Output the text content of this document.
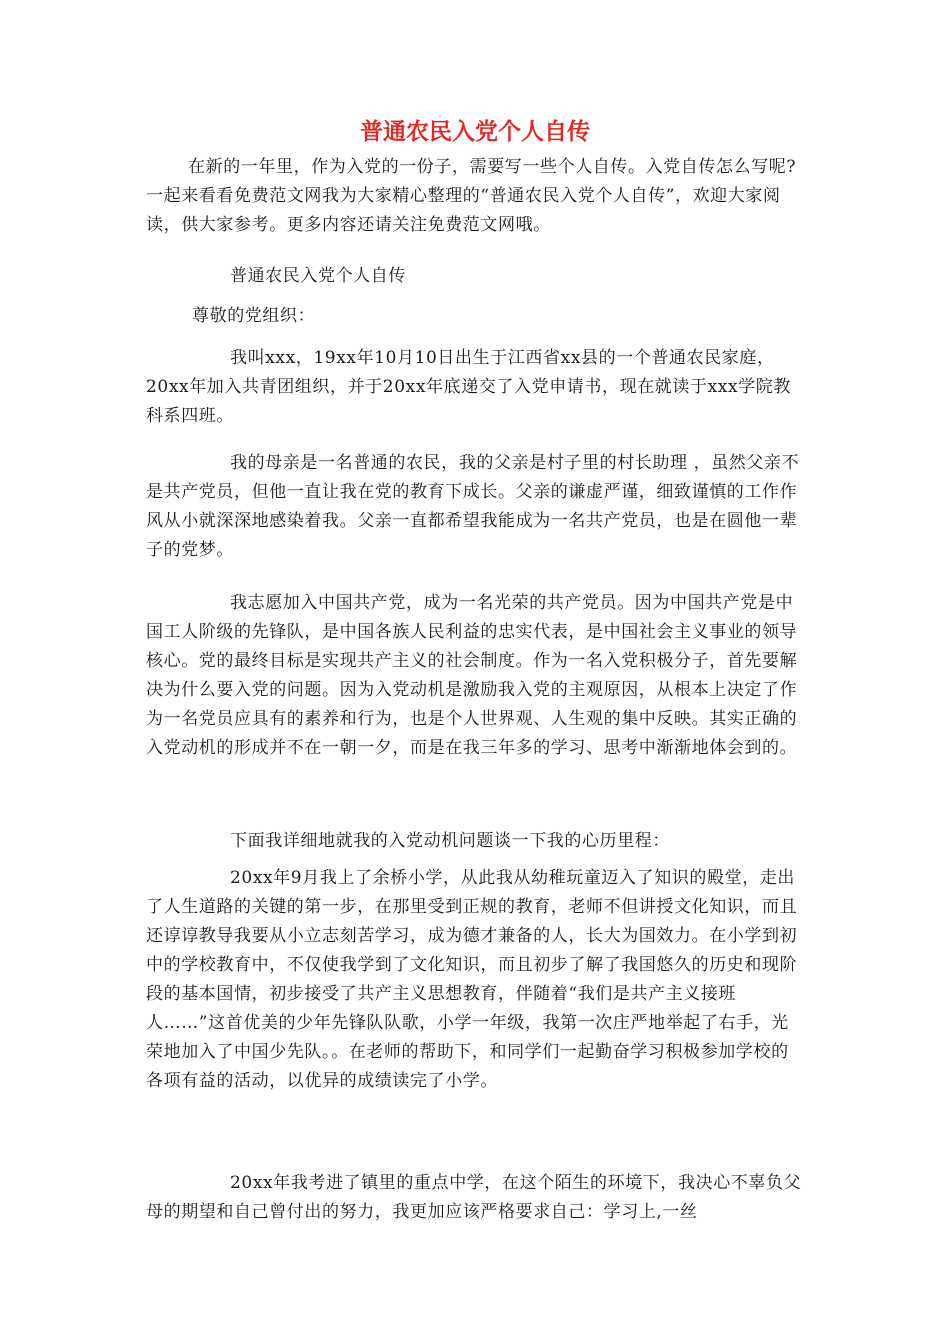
普通农民入党个人自传

在新的一年里，作为入党的一份子，需要写一些个人自传。入党自传怎么写呢?一起来看看免费范文网我为大家精心整理的“普通农民入党个人自传”，欢迎大家阅读，供大家参考。更多内容还请关注免费范文网哦。

普通农民入党个人自传

尊敬的党组织：

我叫xxx，19xx年10月10日出生于江西省xx县的一个普通农民家庭，20xx年加入共青团组织，并于20xx年底递交了入党申请书，现在就读于xxx学院教科系四班。

我的母亲是一名普通的农民，我的父亲是村子里的村长助理 ，虽然父亲不是共产党员，但他一直让我在党的教育下成长。父亲的谦虚严谨，细致谨慎的工作作风从小就深深地感染着我。父亲一直都希望我能成为一名共产党员，也是在圆他一辈子的党梦。

我志愿加入中国共产党，成为一名光荣的共产党员。因为中国共产党是中国工人阶级的先锋队，是中国各族人民利益的忠实代表，是中国社会主义事业的领导核心。党的最终目标是实现共产主义的社会制度。作为一名入党积极分子，首先要解决为什么要入党的问题。因为入党动机是激励我入党的主观原因，从根本上决定了作为一名党员应具有的素养和行为，也是个人世界观、人生观的集中反映。其实正确的入党动机的形成并不在一朝一夕，而是在我三年多的学习、思考中渐渐地体会到的。

下面我详细地就我的入党动机问题谈一下我的心历里程：

20xx年9月我上了余桥小学，从此我从幼稚玩童迈入了知识的殿堂，走出了人生道路的关键的第一步，在那里受到正规的教育，老师不但讲授文化知识，而且还谆谆教导我要从小立志刻苦学习，成为德才兼备的人，长大为国效力。在小学到初中的学校教育中，不仅使我学到了文化知识，而且初步了解了我国悠久的历史和现阶段的基本国情，初步接受了共产主义思想教育，伴随着“我们是共产主义接班人……”这首优美的少年先锋队队歌，小学一年级，我第一次庄严地举起了右手，光荣地加入了中国少先队。。在老师的帮助下，和同学们一起勤奋学习积极参加学校的各项有益的活动，以优异的成绩读完了小学。

20xx年我考进了镇里的重点中学，在这个陌生的环境下，我决心不辜负父母的期望和自己曾付出的努力，我更加应该严格要求自己：学习上,一丝
